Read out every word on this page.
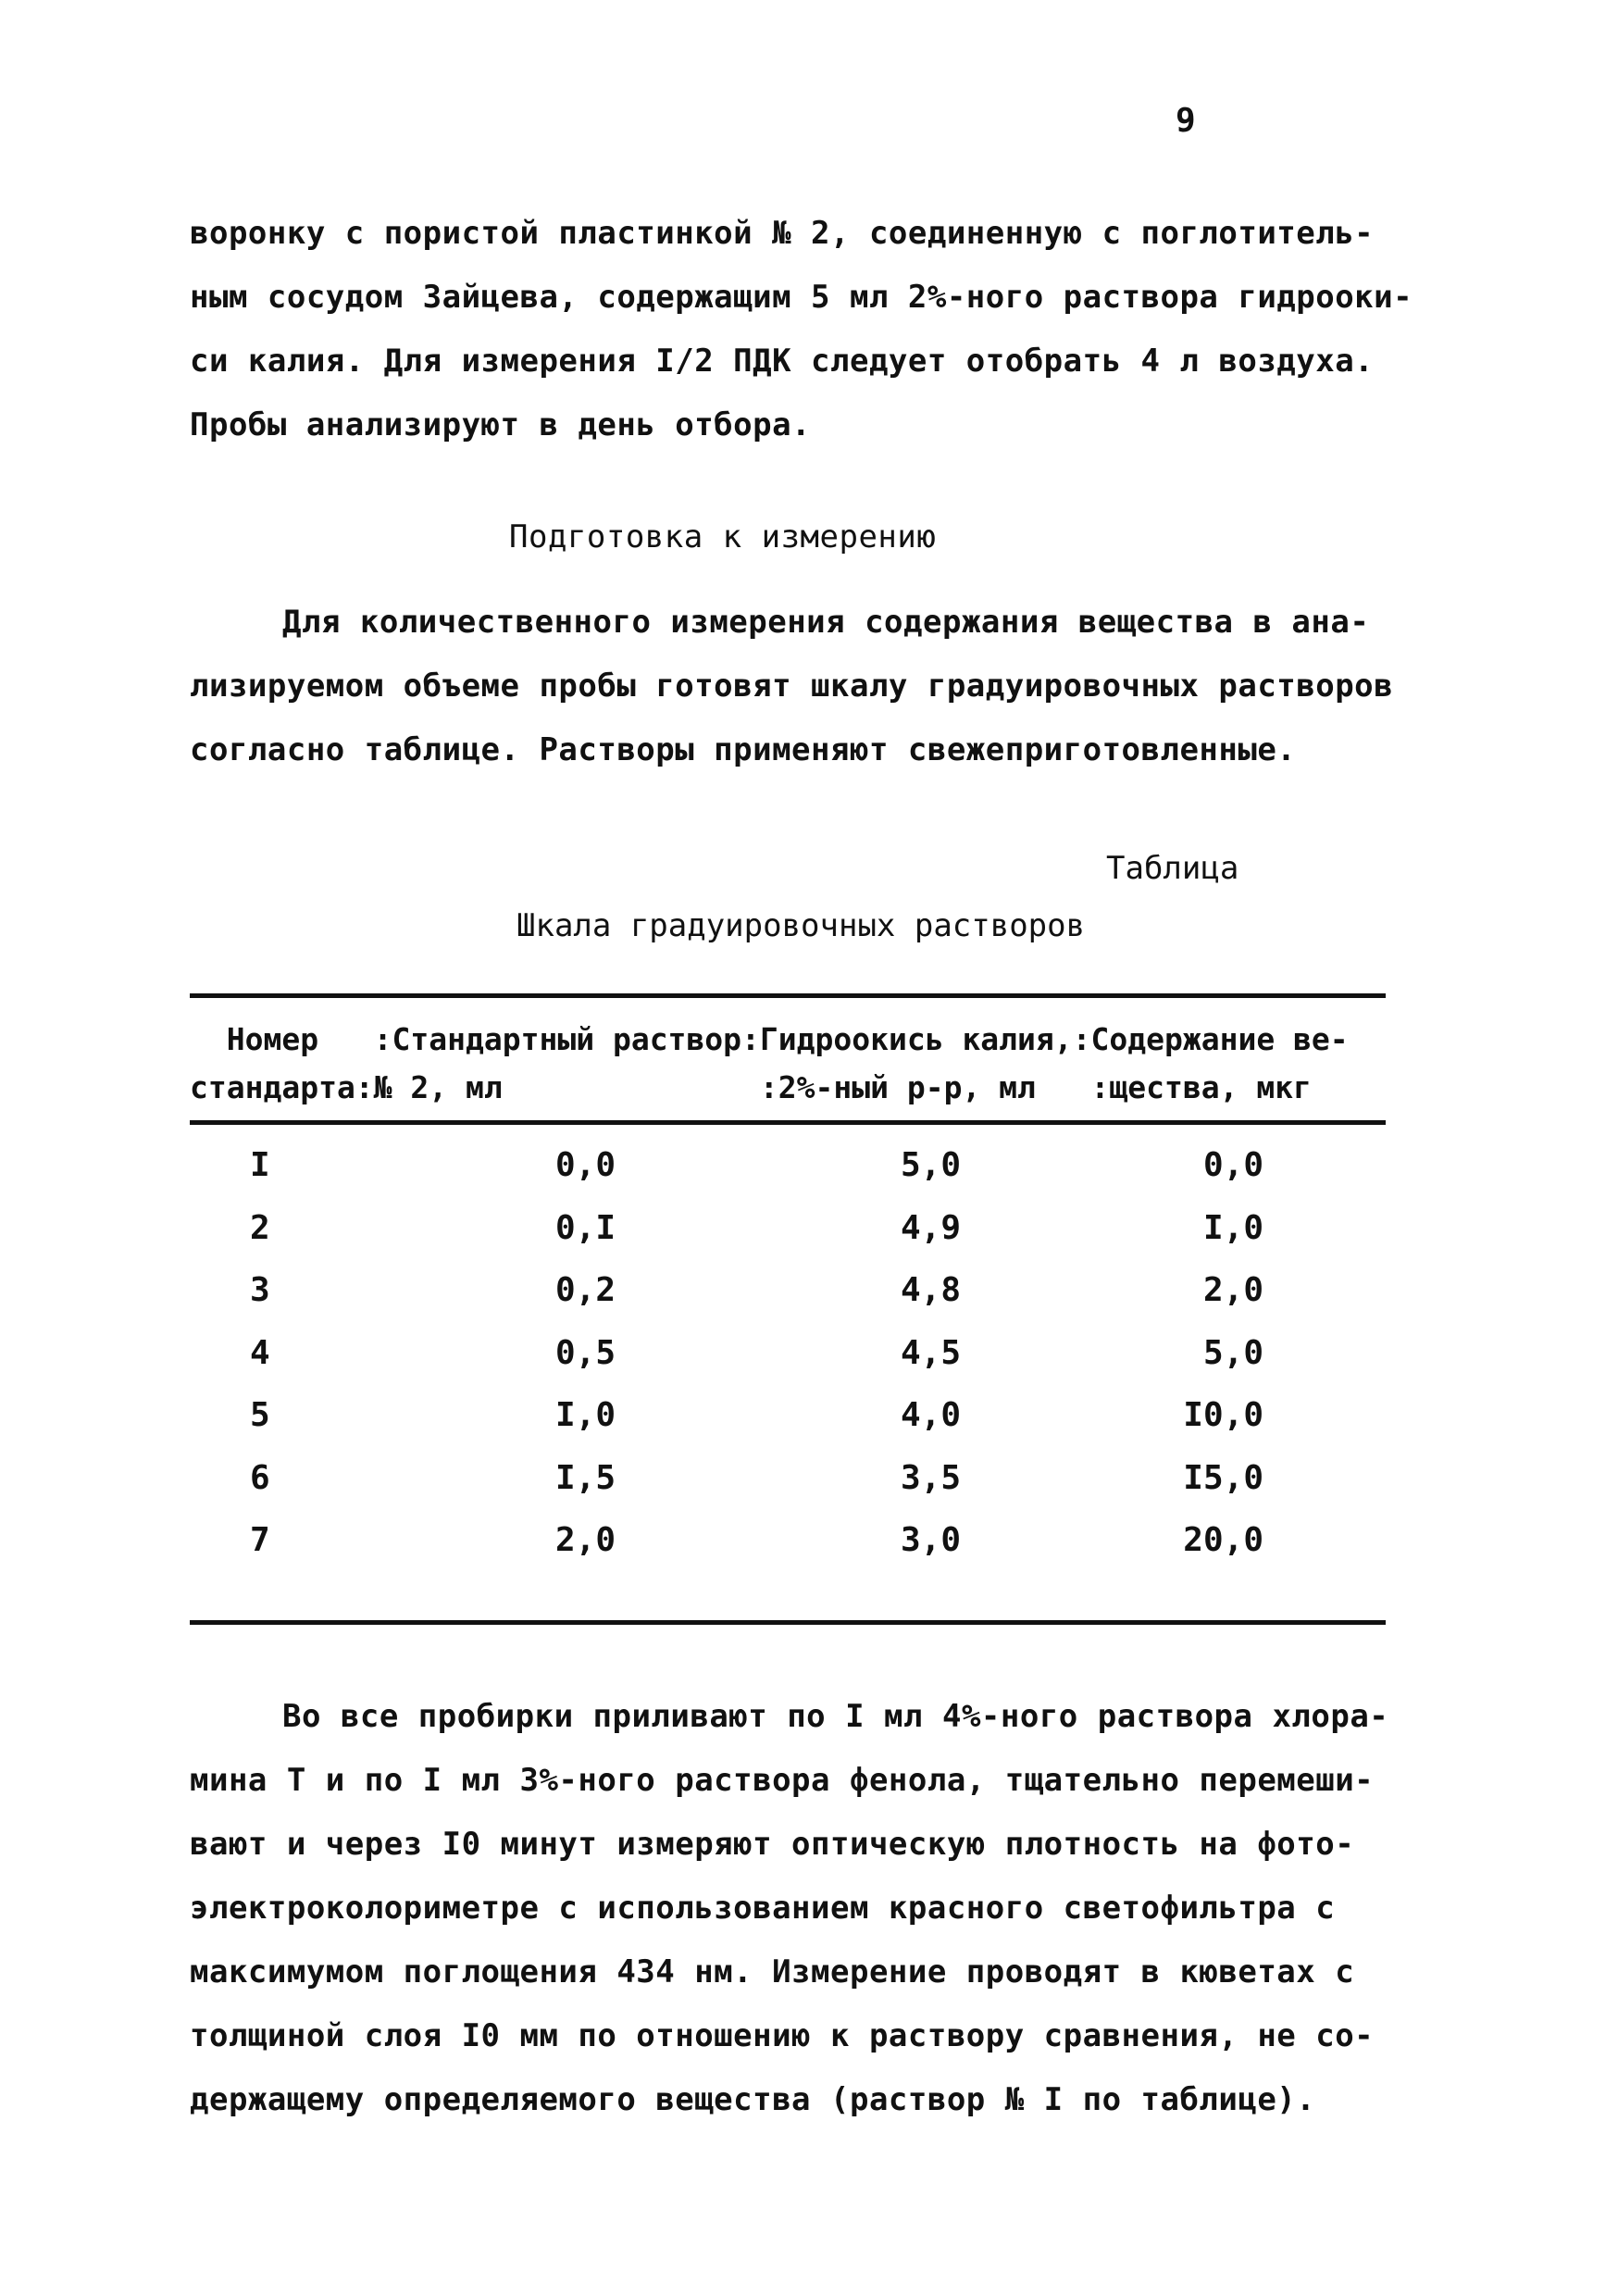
9
воронку с пористой пластинкой № 2, соединенную с поглотитель-
ным сосудом Зайцева, содержащим 5 мл 2%-ного раствора гидрооки-
си калия. Для измерения I/2 ПДК следует отобрать 4 л воздуха.
Пробы анализируют в день отбора.
Подготовка к измерению
Для количественного измерения содержания вещества в ана-
лизируемом объеме пробы готовят шкалу градуировочных растворов
согласно таблице. Растворы применяют свежеприготовленные.
Таблица
Шкала градуировочных растворов
Номер   :Стандартный раствор:Гидроокись калия,:Содержание ве-
стандарта:№ 2, мл              :2%-ный р-р, мл   :щества, мкг
I	0,0	5,0	0,0
2	0,I	4,9	I,0
3	0,2	4,8	2,0
4	0,5	4,5	5,0
5	I,0	4,0	I0,0
6	I,5	3,5	I5,0
7	2,0	3,0	20,0
Во все пробирки приливают по I мл 4%-ного раствора хлора-
мина Т и по I мл 3%-ного раствора фенола, тщательно перемеши-
вают и через I0 минут измеряют оптическую плотность на фото-
электроколориметре с использованием красного светофильтра с
максимумом поглощения 434 нм. Измерение проводят в кюветах с
толщиной слоя I0 мм по отношению к раствору сравнения, не со-
держащему определяемого вещества (раствор № I по таблице).
